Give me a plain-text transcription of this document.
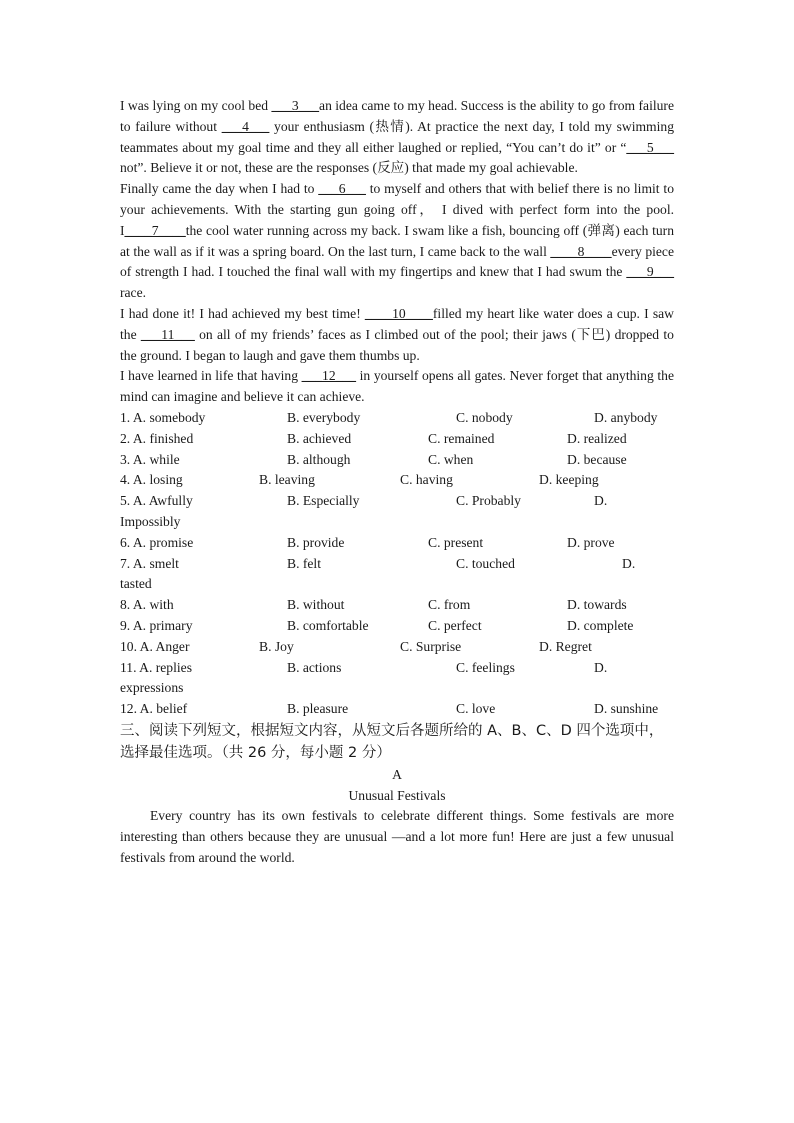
I was lying on my cool bed ___3___an idea came to my head. Success is the ability to go from failure to failure without ___4___ your enthusiasm (热情). At practice the next day, I told my swimming teammates about my goal time and they all either laughed or replied, “You can’t do it” or “___5___ not”. Believe it or not, these are the responses (反应) that made my goal achievable.

Finally came the day when I had to ___6___ to myself and others that with belief there is no limit to your achievements. With the starting gun going off， I dived with perfect form into the pool. I____7____the cool water running across my back. I swam like a fish, bouncing off (弹离) each turn at the wall as if it was a spring board. On the last turn, I came back to the wall ____8____every piece of strength I had. I touched the final wall with my fingertips and knew that I had swum the ___9___ race.

I had done it! I had achieved my best time! ____10____filled my heart like water does a cup. I saw the ___11___ on all of my friends’ faces as I climbed out of the pool; their jaws (下巴) dropped to the ground. I began to laugh and gave them thumbs up.

I have learned in life that having ___12___ in yourself opens all gates. Never forget that anything the mind can imagine and believe it can achieve.

1. A. somebody	B. everybody	C. nobody	D. anybody
2. A. finished	B. achieved	C. remained	D. realized
3. A. while	B. although	C. when	D. because
4. A. losing	B. leaving	C. having	D. keeping
5. A. Awfully	B. Especially	C. Probably	D.
Impossibly
6. A. promise	B. provide	C. present	D. prove
7. A. smelt	B. felt	C. touched	D.
tasted
8. A. with	B. without	C. from	D. towards
9. A. primary	B. comfortable	C. perfect	D. complete
10. A. Anger	B. Joy	C. Surprise	D. Regret
11. A. replies	B. actions	C. feelings	D.
expressions
12. A. belief	B. pleasure	C. love	D. sunshine

三、阅读下列短文，根据短文内容，从短文后各题所给的 A、B、C、D 四个选项中，选择最佳选项。（共 26 分，每小题 2 分）

A

Unusual Festivals

Every country has its own festivals to celebrate different things. Some festivals are more interesting than others because they are unusual —and a lot more fun! Here are just a few unusual festivals from around the world.
